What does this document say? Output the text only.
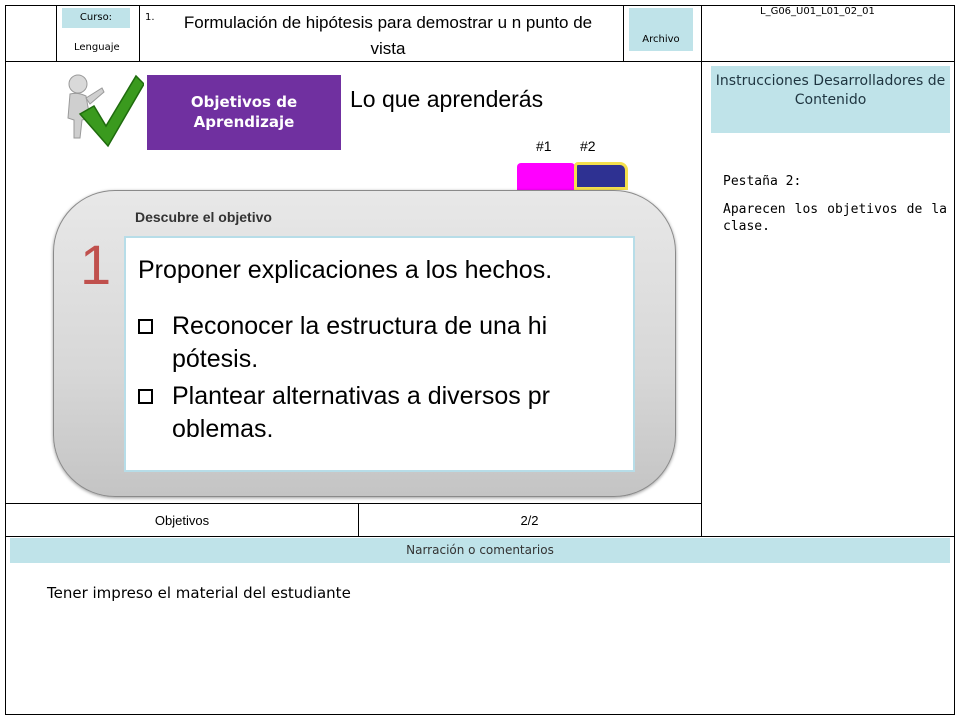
Curso:
Lenguaje
1.	Formulación de hipótesis para demostrar u n punto de vista	Archivo
L_G06_U01_L01_02_01
Instrucciones Desarrolladores de Contenido
Pestaña 2:
Aparecen los objetivos de la clase.
Objetivos de
Aprendizaje
Lo que aprenderás
#1 #2
Descubre el objetivo
1 Proponer explicaciones a los hechos.
Reconocer la estructura de una hi
pótesis.
Plantear alternativas a diversos pr
oblemas.
Objetivos	2/2
Narración o comentarios
Tener impreso el material del estudiante
